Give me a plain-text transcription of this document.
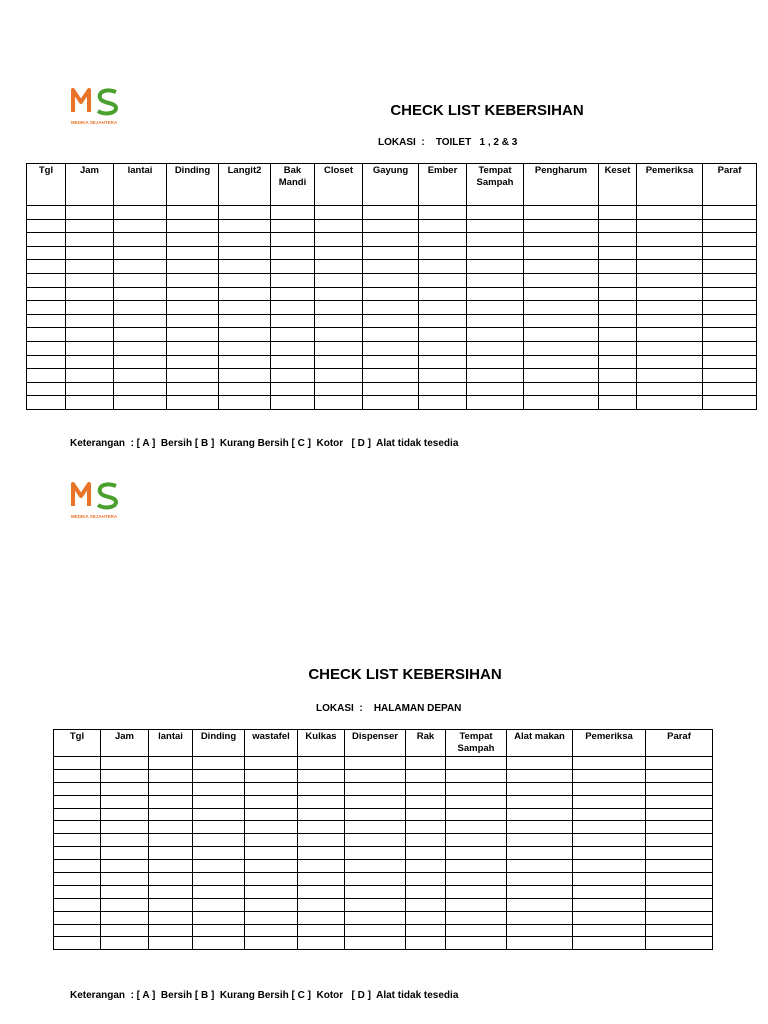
MEDIKA SEJAHTERA
CHECK LIST KEBERSIHAN
LOKASI : TOILET   1 , 2 & 3
Tgl	Jam	lantai	Dinding	Langit2	Bak Mandi	Closet	Gayung	Ember	Tempat Sampah	Pengharum	Keset	Pemeriksa	Paraf

Keterangan  : [ A ]  Bersih [ B ]  Kurang Bersih [ C ]  Kotor   [ D ]  Alat tidak tesedia
MEDIKA SEJAHTERA
CHECK LIST KEBERSIHAN
LOKASI : HALAMAN DEPAN
Tgl	Jam	lantai	Dinding	wastafel	Kulkas	Dispenser	Rak	Tempat Sampah	Alat makan	Pemeriksa	Paraf

Keterangan  : [ A ]  Bersih [ B ]  Kurang Bersih [ C ]  Kotor   [ D ]  Alat tidak tesedia
